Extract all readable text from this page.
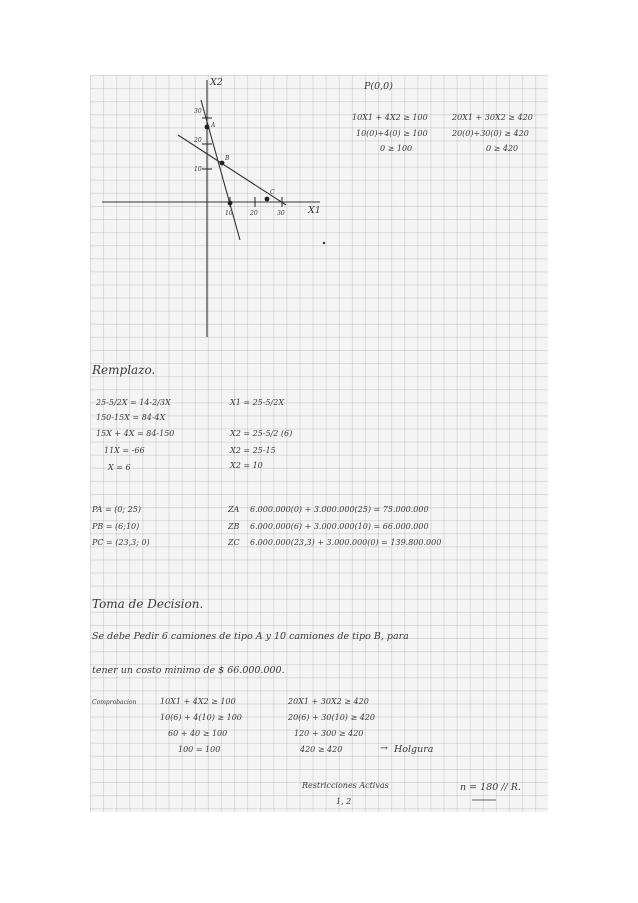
X2
X1
30
20
10
10	20	30
A
B
C
P(0,0)
10X1 + 4X2 ≥ 100
10(0)+4(0) ≥ 100
0 ≥ 100
20X1 + 30X2 ≥ 420
20(0)+30(0) ≥ 420
0 ≥ 420
Remplazo.
25-5/2X = 14-2/3X
150-15X = 84-4X
15X + 4X = 84-150
11X = -66
X = 6
X1 = 25-5/2X
X2 = 25-5/2 (6)
X2 = 25-15
X2 = 10
PA = (0; 25)	ZA 6.000.000(0) + 3.000.000(25) = 75.000.000
PB = (6;10)	ZB 6.000.000(6) + 3.000.000(10) = 66.000.000
PC = (23,3; 0)	ZC 6.000.000(23,3) + 3.000.000(0) = 139.800.000
Toma de Decision.
Se debe Pedir 6 camiones de tipo A y 10 camiones de tipo B, para
tener un costo minimo de $ 66.000.000.
Comprobacion	10X1 + 4X2 ≥ 100
10(6) + 4(10) ≥ 100
60 + 40 ≥ 100
100 = 100
20X1 + 30X2 ≥ 420
20(6) + 30(10) ≥ 420
120 + 300 ≥ 420
420 ≥ 420	→ Holgura
Restricciones Activas
1, 2
n = 180 // R.
